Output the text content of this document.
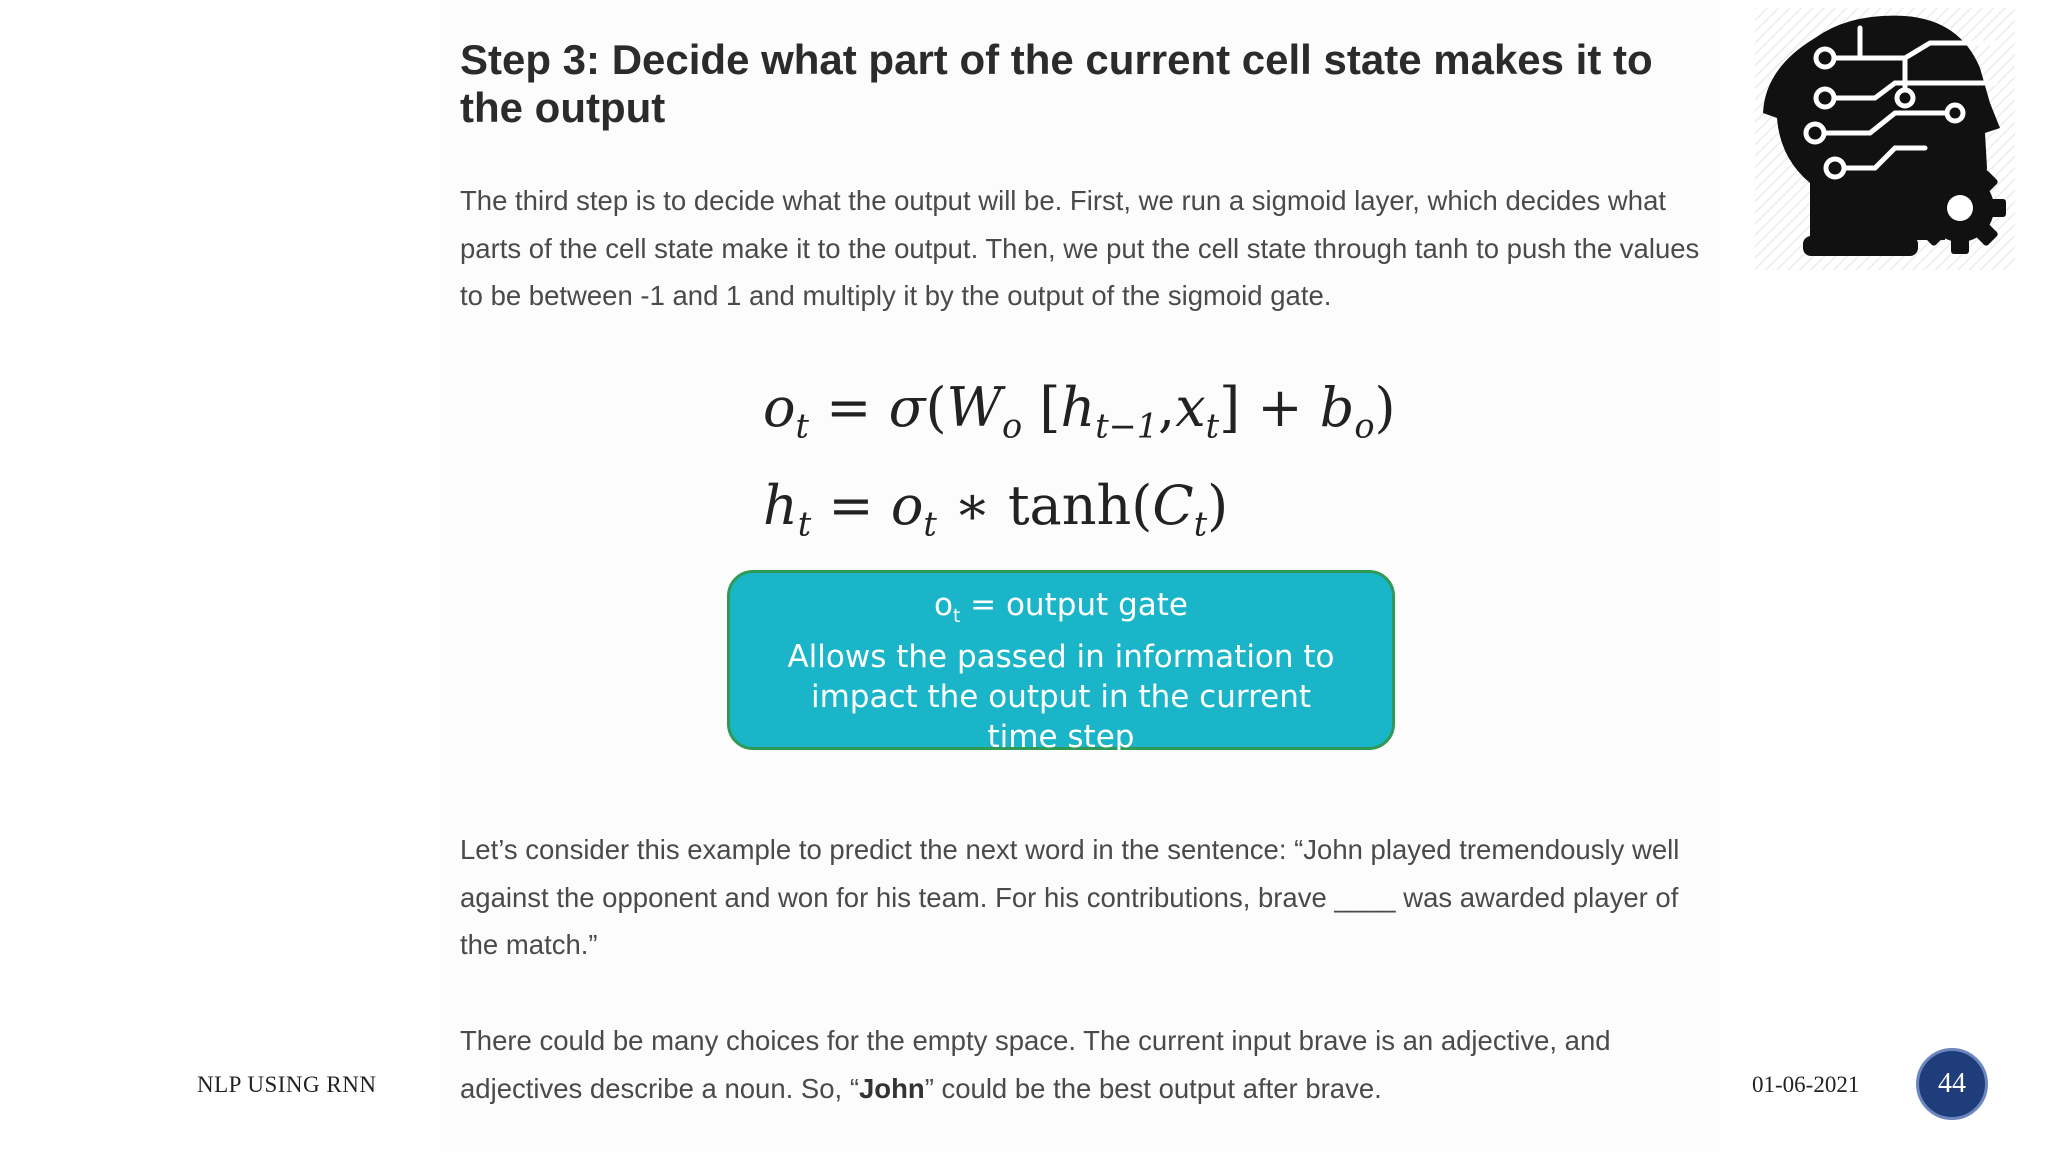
Step 3: Decide what part of the current cell state makes it to the output

The third step is to decide what the output will be. First, we run a sigmoid layer, which decides what parts of the cell state make it to the output. Then, we put the cell state through tanh to push the values to be between -1 and 1 and multiply it by the output of the sigmoid gate.

$o_t = \sigma(W_o$ $[h_{t-1},x_t] + b_o$)
$h_t = o_t$ ∗ $\tanh(C_t)$
$o_t$ = output gate
Allows the passed in information to
impact the output in the current
time step

Let’s consider this example to predict the next word in the sentence: “John played tremendously well against the opponent and won for his team. For his contributions, brave ____ was awarded player of the match.”

There could be many choices for the empty space. The current input brave is an adjective, and adjectives describe a noun. So, “John” could be the best output after brave.

NLP USING RNN	01-06-2021	44
